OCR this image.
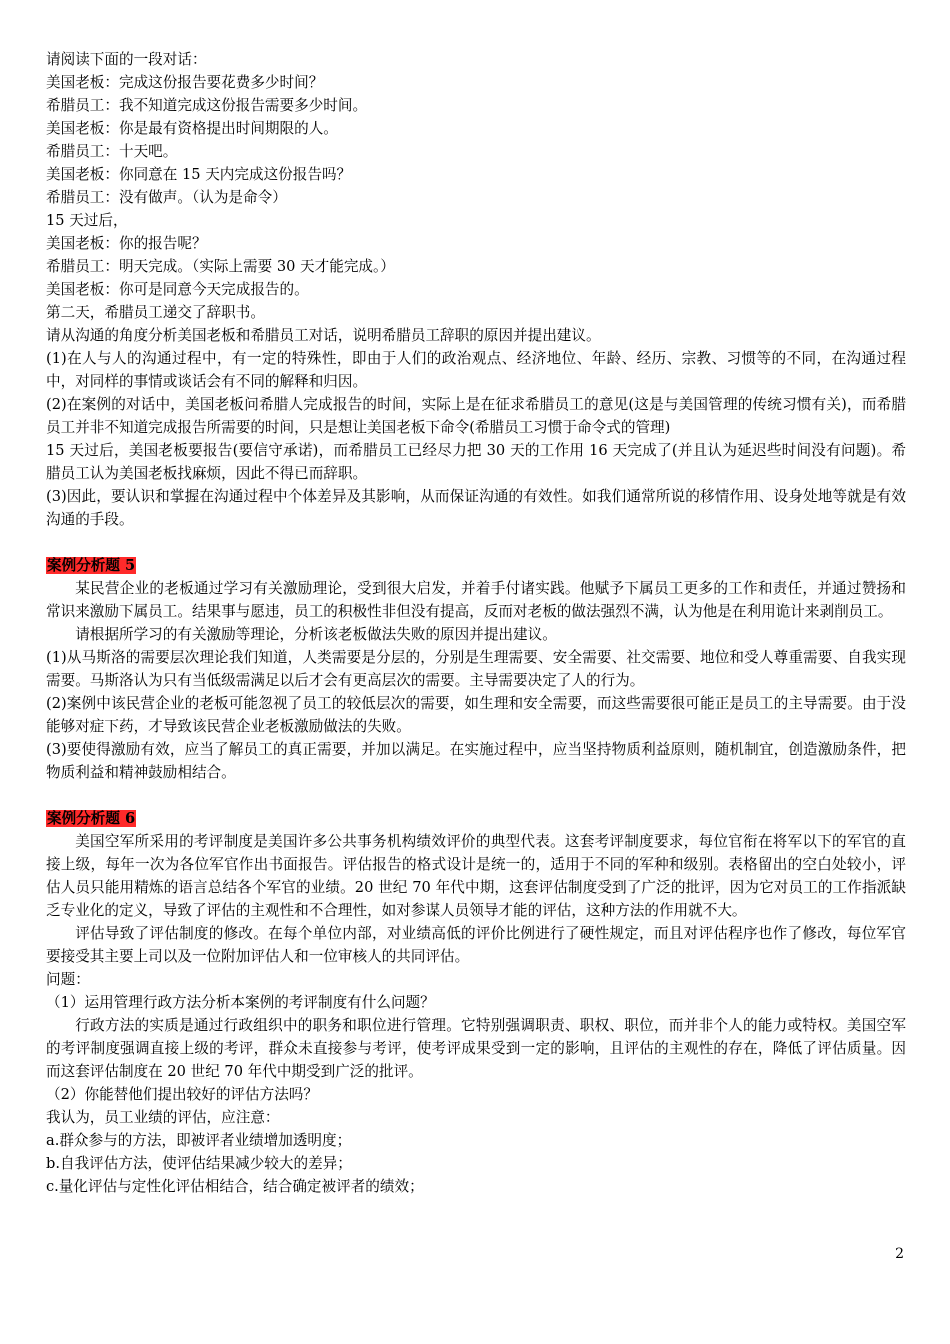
请阅读下面的一段对话：

美国老板：完成这份报告要花费多少时间？

希腊员工：我不知道完成这份报告需要多少时间。

美国老板：你是最有资格提出时间期限的人。

希腊员工：十天吧。

美国老板：你同意在 15 天内完成这份报告吗？

希腊员工：没有做声。（认为是命令）

15 天过后，

美国老板：你的报告呢？

希腊员工：明天完成。（实际上需要 30 天才能完成。）

美国老板：你可是同意今天完成报告的。

第二天，希腊员工递交了辞职书。

请从沟通的角度分析美国老板和希腊员工对话，说明希腊员工辞职的原因并提出建议。

(1)在人与人的沟通过程中，有一定的特殊性，即由于人们的政治观点、经济地位、年龄、经历、宗教、习惯等的不同，在沟通过程中，对同样的事情或谈话会有不同的解释和归因。

(2)在案例的对话中，美国老板问希腊人完成报告的时间，实际上是在征求希腊员工的意见(这是与美国管理的传统习惯有关)，而希腊员工并非不知道完成报告所需要的时间，只是想让美国老板下命令(希腊员工习惯于命令式的管理)

15 天过后，美国老板要报告(要信守承诺)，而希腊员工已经尽力把 30 天的工作用 16 天完成了(并且认为延迟些时间没有问题)。希腊员工认为美国老板找麻烦，因此不得已而辞职。

(3)因此，要认识和掌握在沟通过程中个体差异及其影响，从而保证沟通的有效性。如我们通常所说的移情作用、设身处地等就是有效沟通的手段。

案例分析题 5

某民营企业的老板通过学习有关激励理论，受到很大启发，并着手付诸实践。他赋予下属员工更多的工作和责任，并通过赞扬和常识来激励下属员工。结果事与愿违，员工的积极性非但没有提高，反而对老板的做法强烈不满，认为他是在利用诡计来剥削员工。

请根据所学习的有关激励等理论，分析该老板做法失败的原因并提出建议。

(1)从马斯洛的需要层次理论我们知道，人类需要是分层的，分别是生理需要、安全需要、社交需要、地位和受人尊重需要、自我实现需要。马斯洛认为只有当低级需满足以后才会有更高层次的需要。主导需要决定了人的行为。

(2)案例中该民营企业的老板可能忽视了员工的较低层次的需要，如生理和安全需要，而这些需要很可能正是员工的主导需要。由于没能够对症下药，才导致该民营企业老板激励做法的失败。

(3)要使得激励有效，应当了解员工的真正需要，并加以满足。在实施过程中，应当坚持物质利益原则，随机制宜，创造激励条件，把物质利益和精神鼓励相结合。

案例分析题 6

美国空军所采用的考评制度是美国许多公共事务机构绩效评价的典型代表。这套考评制度要求，每位官衔在将军以下的军官的直接上级，每年一次为各位军官作出书面报告。评估报告的格式设计是统一的，适用于不同的军种和级别。表格留出的空白处较小，评估人员只能用精炼的语言总结各个军官的业绩。20 世纪 70 年代中期，这套评估制度受到了广泛的批评，因为它对员工的工作指派缺乏专业化的定义，导致了评估的主观性和不合理性，如对参谋人员领导才能的评估，这种方法的作用就不大。

评估导致了评估制度的修改。在每个单位内部，对业绩高低的评价比例进行了硬性规定，而且对评估程序也作了修改，每位军官要接受其主要上司以及一位附加评估人和一位审核人的共同评估。

问题：

（1）运用管理行政方法分析本案例的考评制度有什么问题？

行政方法的实质是通过行政组织中的职务和职位进行管理。它特别强调职责、职权、职位，而并非个人的能力或特权。美国空军的考评制度强调直接上级的考评，群众未直接参与考评，使考评成果受到一定的影响，且评估的主观性的存在，降低了评估质量。因而这套评估制度在 20 世纪 70 年代中期受到广泛的批评。

（2）你能替他们提出较好的评估方法吗？

我认为，员工业绩的评估，应注意：

a.群众参与的方法，即被评者业绩增加透明度；

b.自我评估方法，使评估结果减少较大的差异；

c.量化评估与定性化评估相结合，结合确定被评者的绩效；

2
